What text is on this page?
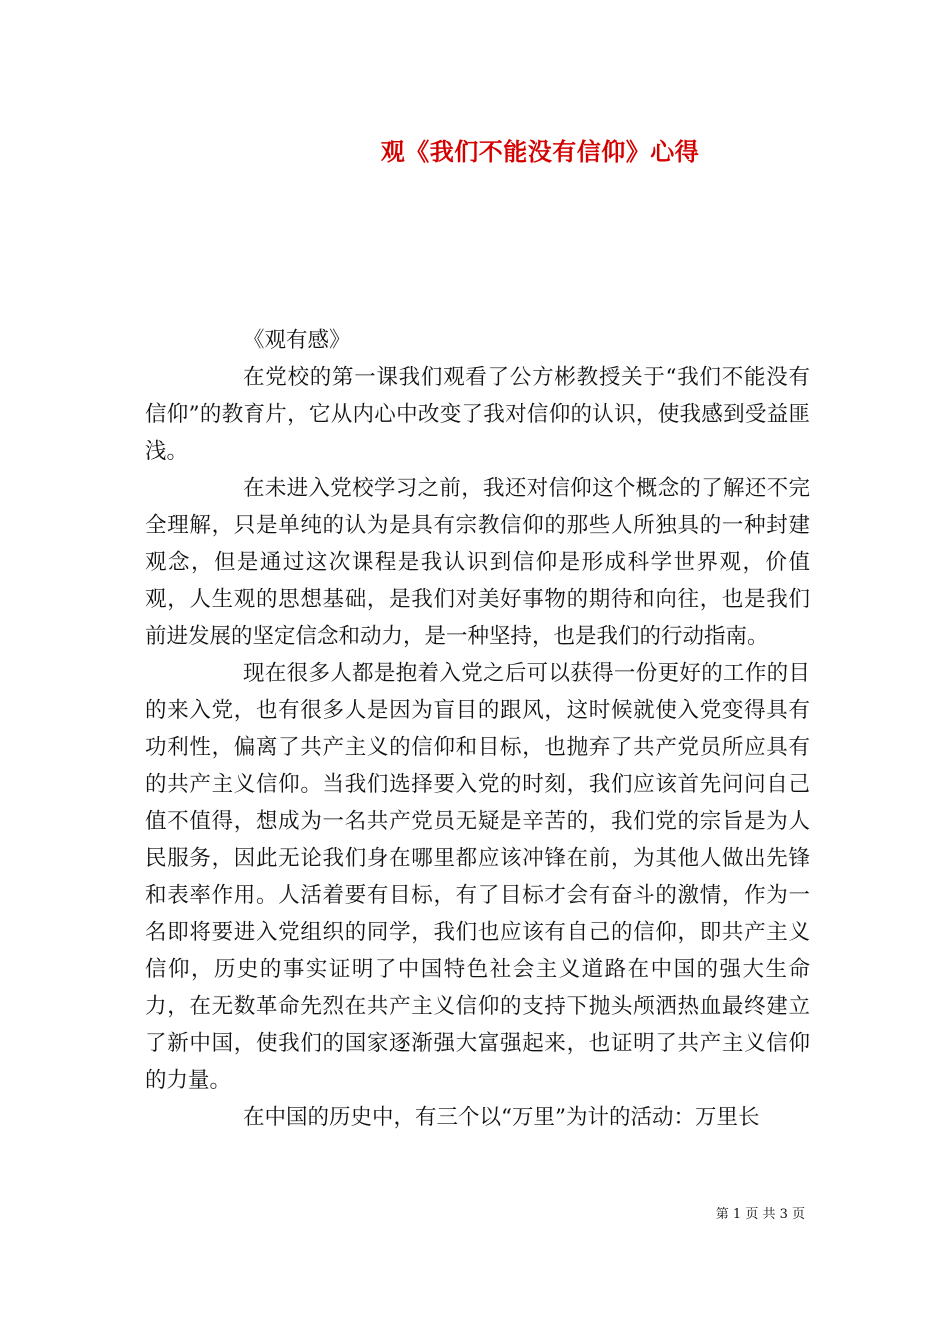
观《我们不能没有信仰》心得

《观有感》

在党校的第一课我们观看了公方彬教授关于“我们不能没有信仰”的教育片，它从内心中改变了我对信仰的认识，使我感到受益匪浅。

在未进入党校学习之前，我还对信仰这个概念的了解还不完全理解，只是单纯的认为是具有宗教信仰的那些人所独具的一种封建观念，但是通过这次课程是我认识到信仰是形成科学世界观，价值观，人生观的思想基础，是我们对美好事物的期待和向往，也是我们前进发展的坚定信念和动力，是一种坚持，也是我们的行动指南。

现在很多人都是抱着入党之后可以获得一份更好的工作的目的来入党，也有很多人是因为盲目的跟风，这时候就使入党变得具有功利性，偏离了共产主义的信仰和目标，也抛弃了共产党员所应具有的共产主义信仰。当我们选择要入党的时刻，我们应该首先问问自己值不值得，想成为一名共产党员无疑是辛苦的，我们党的宗旨是为人民服务，因此无论我们身在哪里都应该冲锋在前，为其他人做出先锋和表率作用。人活着要有目标，有了目标才会有奋斗的激情，作为一名即将要进入党组织的同学，我们也应该有自己的信仰，即共产主义信仰，历史的事实证明了中国特色社会主义道路在中国的强大生命力，在无数革命先烈在共产主义信仰的支持下抛头颅洒热血最终建立了新中国，使我们的国家逐渐强大富强起来，也证明了共产主义信仰的力量。

在中国的历史中，有三个以“万里”为计的活动：万里长

第 1 页 共 3 页
